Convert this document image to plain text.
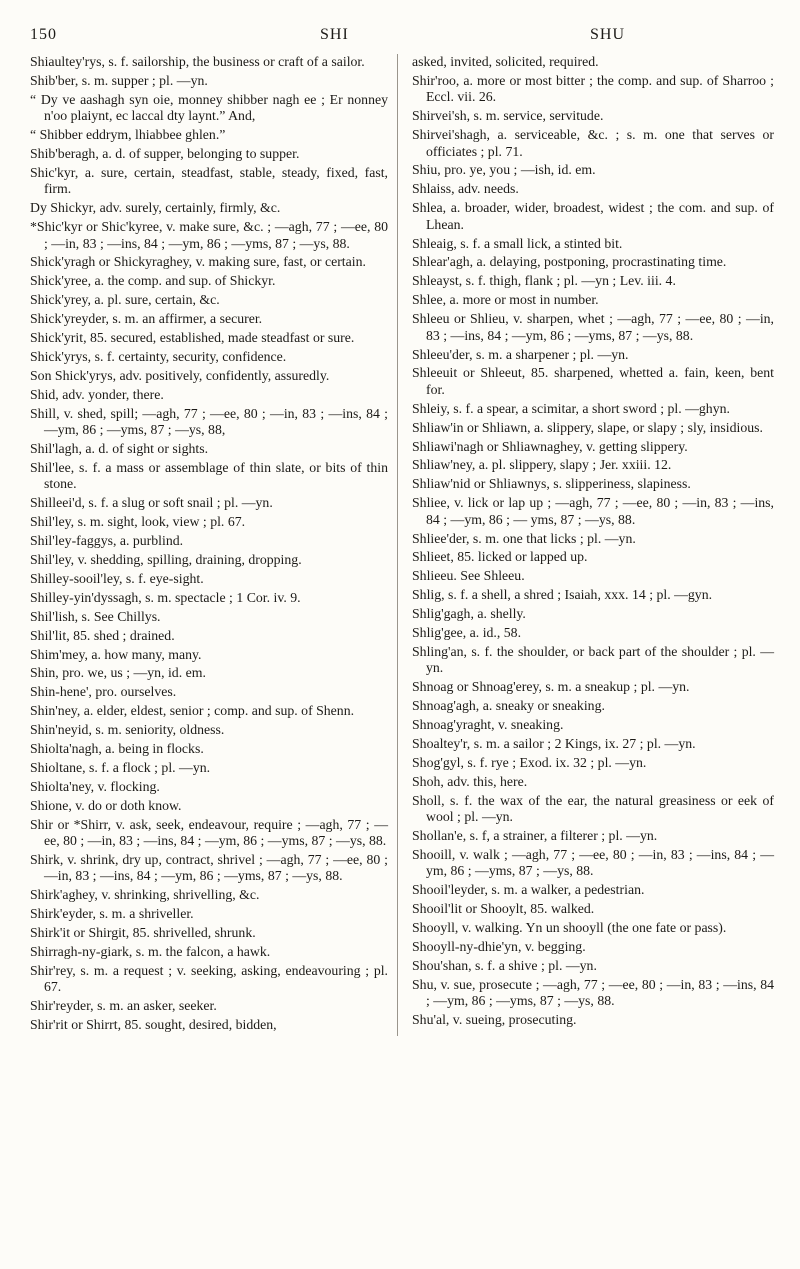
150	SHI	SHU

Shiaultey'rys, s. f. sailorship, the business or craft of a sailor.

Shib'ber, s. m. supper ; pl. —yn.

“ Dy ve aashagh syn oie, monney shibber nagh ee ; Er nonney n'oo plaiynt, ec laccal dty laynt.” And,

“ Shibber eddrym, lhiabbee ghlen.”

Shib'beragh, a. d. of supper, belonging to supper.

Shic'kyr, a. sure, certain, steadfast, stable, steady, fixed, fast, firm.

Dy Shickyr, adv. surely, certainly, firmly, &c.

*Shic'kyr or Shic'kyree, v. make sure, &c. ; —agh, 77 ; —ee, 80 ; —in, 83 ; —ins, 84 ; —ym, 86 ; —yms, 87 ; —ys, 88.

Shick'yragh or Shickyraghey, v. making sure, fast, or certain.

Shick'yree, a. the comp. and sup. of Shickyr.

Shick'yrey, a. pl. sure, certain, &c.

Shick'yreyder, s. m. an affirmer, a securer.

Shick'yrit, 85. secured, established, made steadfast or sure.

Shick'yrys, s. f. certainty, security, confidence.

Son Shick'yrys, adv. positively, confidently, assuredly.

Shid, adv. yonder, there.

Shill, v. shed, spill; —agh, 77 ; —ee, 80 ; —in, 83 ; —ins, 84 ; —ym, 86 ; —yms, 87 ; —ys, 88,

Shil'lagh, a. d. of sight or sights.

Shil'lee, s. f. a mass or assemblage of thin slate, or bits of thin stone.

Shilleei'd, s. f. a slug or soft snail ; pl. —yn.

Shil'ley, s. m. sight, look, view ; pl. 67.

Shil'ley-faggys, a. purblind.

Shil'ley, v. shedding, spilling, draining, dropping.

Shilley-sooil'ley, s. f. eye-sight.

Shilley-yin'dyssagh, s. m. spectacle ; 1 Cor. iv. 9.

Shil'lish, s. See Chillys.

Shil'lit, 85. shed ; drained.

Shim'mey, a. how many, many.

Shin, pro. we, us ; —yn, id. em.

Shin-hene', pro. ourselves.

Shin'ney, a. elder, eldest, senior ; comp. and sup. of Shenn.

Shin'neyid, s. m. seniority, oldness.

Shiolta'nagh, a. being in flocks.

Shioltane, s. f. a flock ; pl. —yn.

Shiolta'ney, v. flocking.

Shione, v. do or doth know.

Shir or *Shirr, v. ask, seek, endeavour, require ; —agh, 77 ; —ee, 80 ; —in, 83 ; —ins, 84 ; —ym, 86 ; —yms, 87 ; —ys, 88.

Shirk, v. shrink, dry up, contract, shrivel ; —agh, 77 ; —ee, 80 ; —in, 83 ; —ins, 84 ; —ym, 86 ; —yms, 87 ; —ys, 88.

Shirk'aghey, v. shrinking, shrivelling, &c.

Shirk'eyder, s. m. a shriveller.

Shirk'it or Shirgit, 85. shrivelled, shrunk.

Shirragh-ny-giark, s. m. the falcon, a hawk.

Shir'rey, s. m. a request ; v. seeking, asking, endeavouring ; pl. 67.

Shir'reyder, s. m. an asker, seeker.

Shir'rit or Shirrt, 85. sought, desired, bidden,

asked, invited, solicited, required.

Shir'roo, a. more or most bitter ; the comp. and sup. of Sharroo ; Eccl. vii. 26.

Shirvei'sh, s. m. service, servitude.

Shirvei'shagh, a. serviceable, &c. ; s. m. one that serves or officiates ; pl. 71.

Shiu, pro. ye, you ; —ish, id. em.

Shlaiss, adv. needs.

Shlea, a. broader, wider, broadest, widest ; the com. and sup. of Lhean.

Shleaig, s. f. a small lick, a stinted bit.

Shlear'agh, a. delaying, postponing, procrastinating time.

Shleayst, s. f. thigh, flank ; pl. —yn ; Lev. iii. 4.

Shlee, a. more or most in number.

Shleeu or Shlieu, v. sharpen, whet ; —agh, 77 ; —ee, 80 ; —in, 83 ; —ins, 84 ; —ym, 86 ; —yms, 87 ; —ys, 88.

Shleeu'der, s. m. a sharpener ; pl. —yn.

Shleeuit or Shleeut, 85. sharpened, whetted a. fain, keen, bent for.

Shleiy, s. f. a spear, a scimitar, a short sword ; pl. —ghyn.

Shliaw'in or Shliawn, a. slippery, slape, or slapy ; sly, insidious.

Shliawi'nagh or Shliawnaghey, v. getting slippery.

Shliaw'ney, a. pl. slippery, slapy ; Jer. xxiii. 12.

Shliaw'nid or Shliawnys, s. slipperiness, slapiness.

Shliee, v. lick or lap up ; —agh, 77 ; —ee, 80 ; —in, 83 ; —ins, 84 ; —ym, 86 ; — yms, 87 ; —ys, 88.

Shliee'der, s. m. one that licks ; pl. —yn.

Shlieet, 85. licked or lapped up.

Shlieeu. See Shleeu.

Shlig, s. f. a shell, a shred ; Isaiah, xxx. 14 ; pl. —gyn.

Shlig'gagh, a. shelly.

Shlig'gee, a. id., 58.

Shling'an, s. f. the shoulder, or back part of the shoulder ; pl. —yn.

Shnoag or Shnoag'erey, s. m. a sneakup ; pl. —yn.

Shnoag'agh, a. sneaky or sneaking.

Shnoag'yraght, v. sneaking.

Shoaltey'r, s. m. a sailor ; 2 Kings, ix. 27 ; pl. —yn.

Shog'gyl, s. f. rye ; Exod. ix. 32 ; pl. —yn.

Shoh, adv. this, here.

Sholl, s. f. the wax of the ear, the natural greasiness or eek of wool ; pl. —yn.

Shollan'e, s. f, a strainer, a filterer ; pl. —yn.

Shooill, v. walk ; —agh, 77 ; —ee, 80 ; —in, 83 ; —ins, 84 ; —ym, 86 ; —yms, 87 ; —ys, 88.

Shooil'leyder, s. m. a walker, a pedestrian.

Shooil'lit or Shooylt, 85. walked.

Shooyll, v. walking. Yn un shooyll (the one fate or pass).

Shooyll-ny-dhie'yn, v. begging.

Shou'shan, s. f. a shive ; pl. —yn.

Shu, v. sue, prosecute ; —agh, 77 ; —ee, 80 ; —in, 83 ; —ins, 84 ; —ym, 86 ; —yms, 87 ; —ys, 88.

Shu'al, v. sueing, prosecuting.
